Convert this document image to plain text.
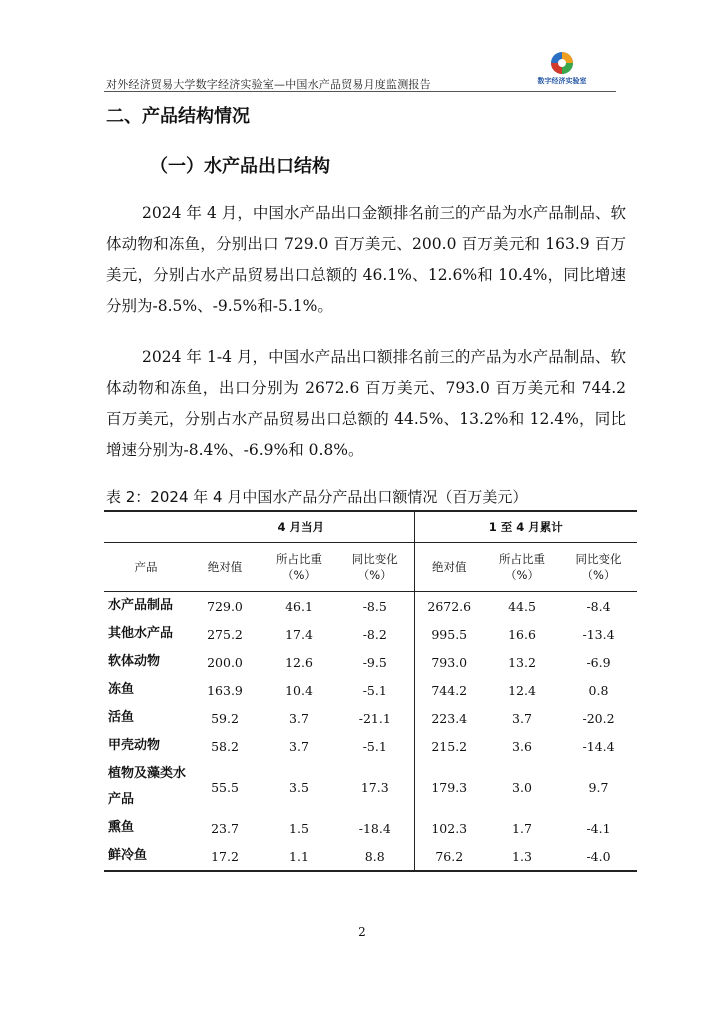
对外经济贸易大学数字经济实验室—中国水产品贸易月度监测报告	数字经济实验室
二、产品结构情况
（一）水产品出口结构
2024 年 4 月，中国水产品出口金额排名前三的产品为水产品制品、软体动物和冻鱼，分别出口 729.0 百万美元、200.0 百万美元和 163.9 百万美元，分别占水产品贸易出口总额的 46.1%、12.6%和 10.4%，同比增速分别为-8.5%、-9.5%和-5.1%。
2024 年 1-4 月，中国水产品出口额排名前三的产品为水产品制品、软体动物和冻鱼，出口分别为 2672.6 百万美元、793.0 百万美元和 744.2 百万美元，分别占水产品贸易出口总额的 44.5%、13.2%和 12.4%，同比增速分别为-8.4%、-6.9%和 0.8%。
表 2：2024 年 4 月中国水产品分产品出口额情况（百万美元）
	4 月当月			1 至 4 月累计		
产品	绝对值	所占比重（%）	同比变化（%）	绝对值	所占比重（%）	同比变化（%）
水产品制品	729.0	46.1	-8.5	2672.6	44.5	-8.4
其他水产品	275.2	17.4	-8.2	995.5	16.6	-13.4
软体动物	200.0	12.6	-9.5	793.0	13.2	-6.9
冻鱼	163.9	10.4	-5.1	744.2	12.4	0.8
活鱼	59.2	3.7	-21.1	223.4	3.7	-20.2
甲壳动物	58.2	3.7	-5.1	215.2	3.6	-14.4
植物及藻类水产品	55.5	3.5	17.3	179.3	3.0	9.7
熏鱼	23.7	1.5	-18.4	102.3	1.7	-4.1
鲜冷鱼	17.2	1.1	8.8	76.2	1.3	-4.0
2
